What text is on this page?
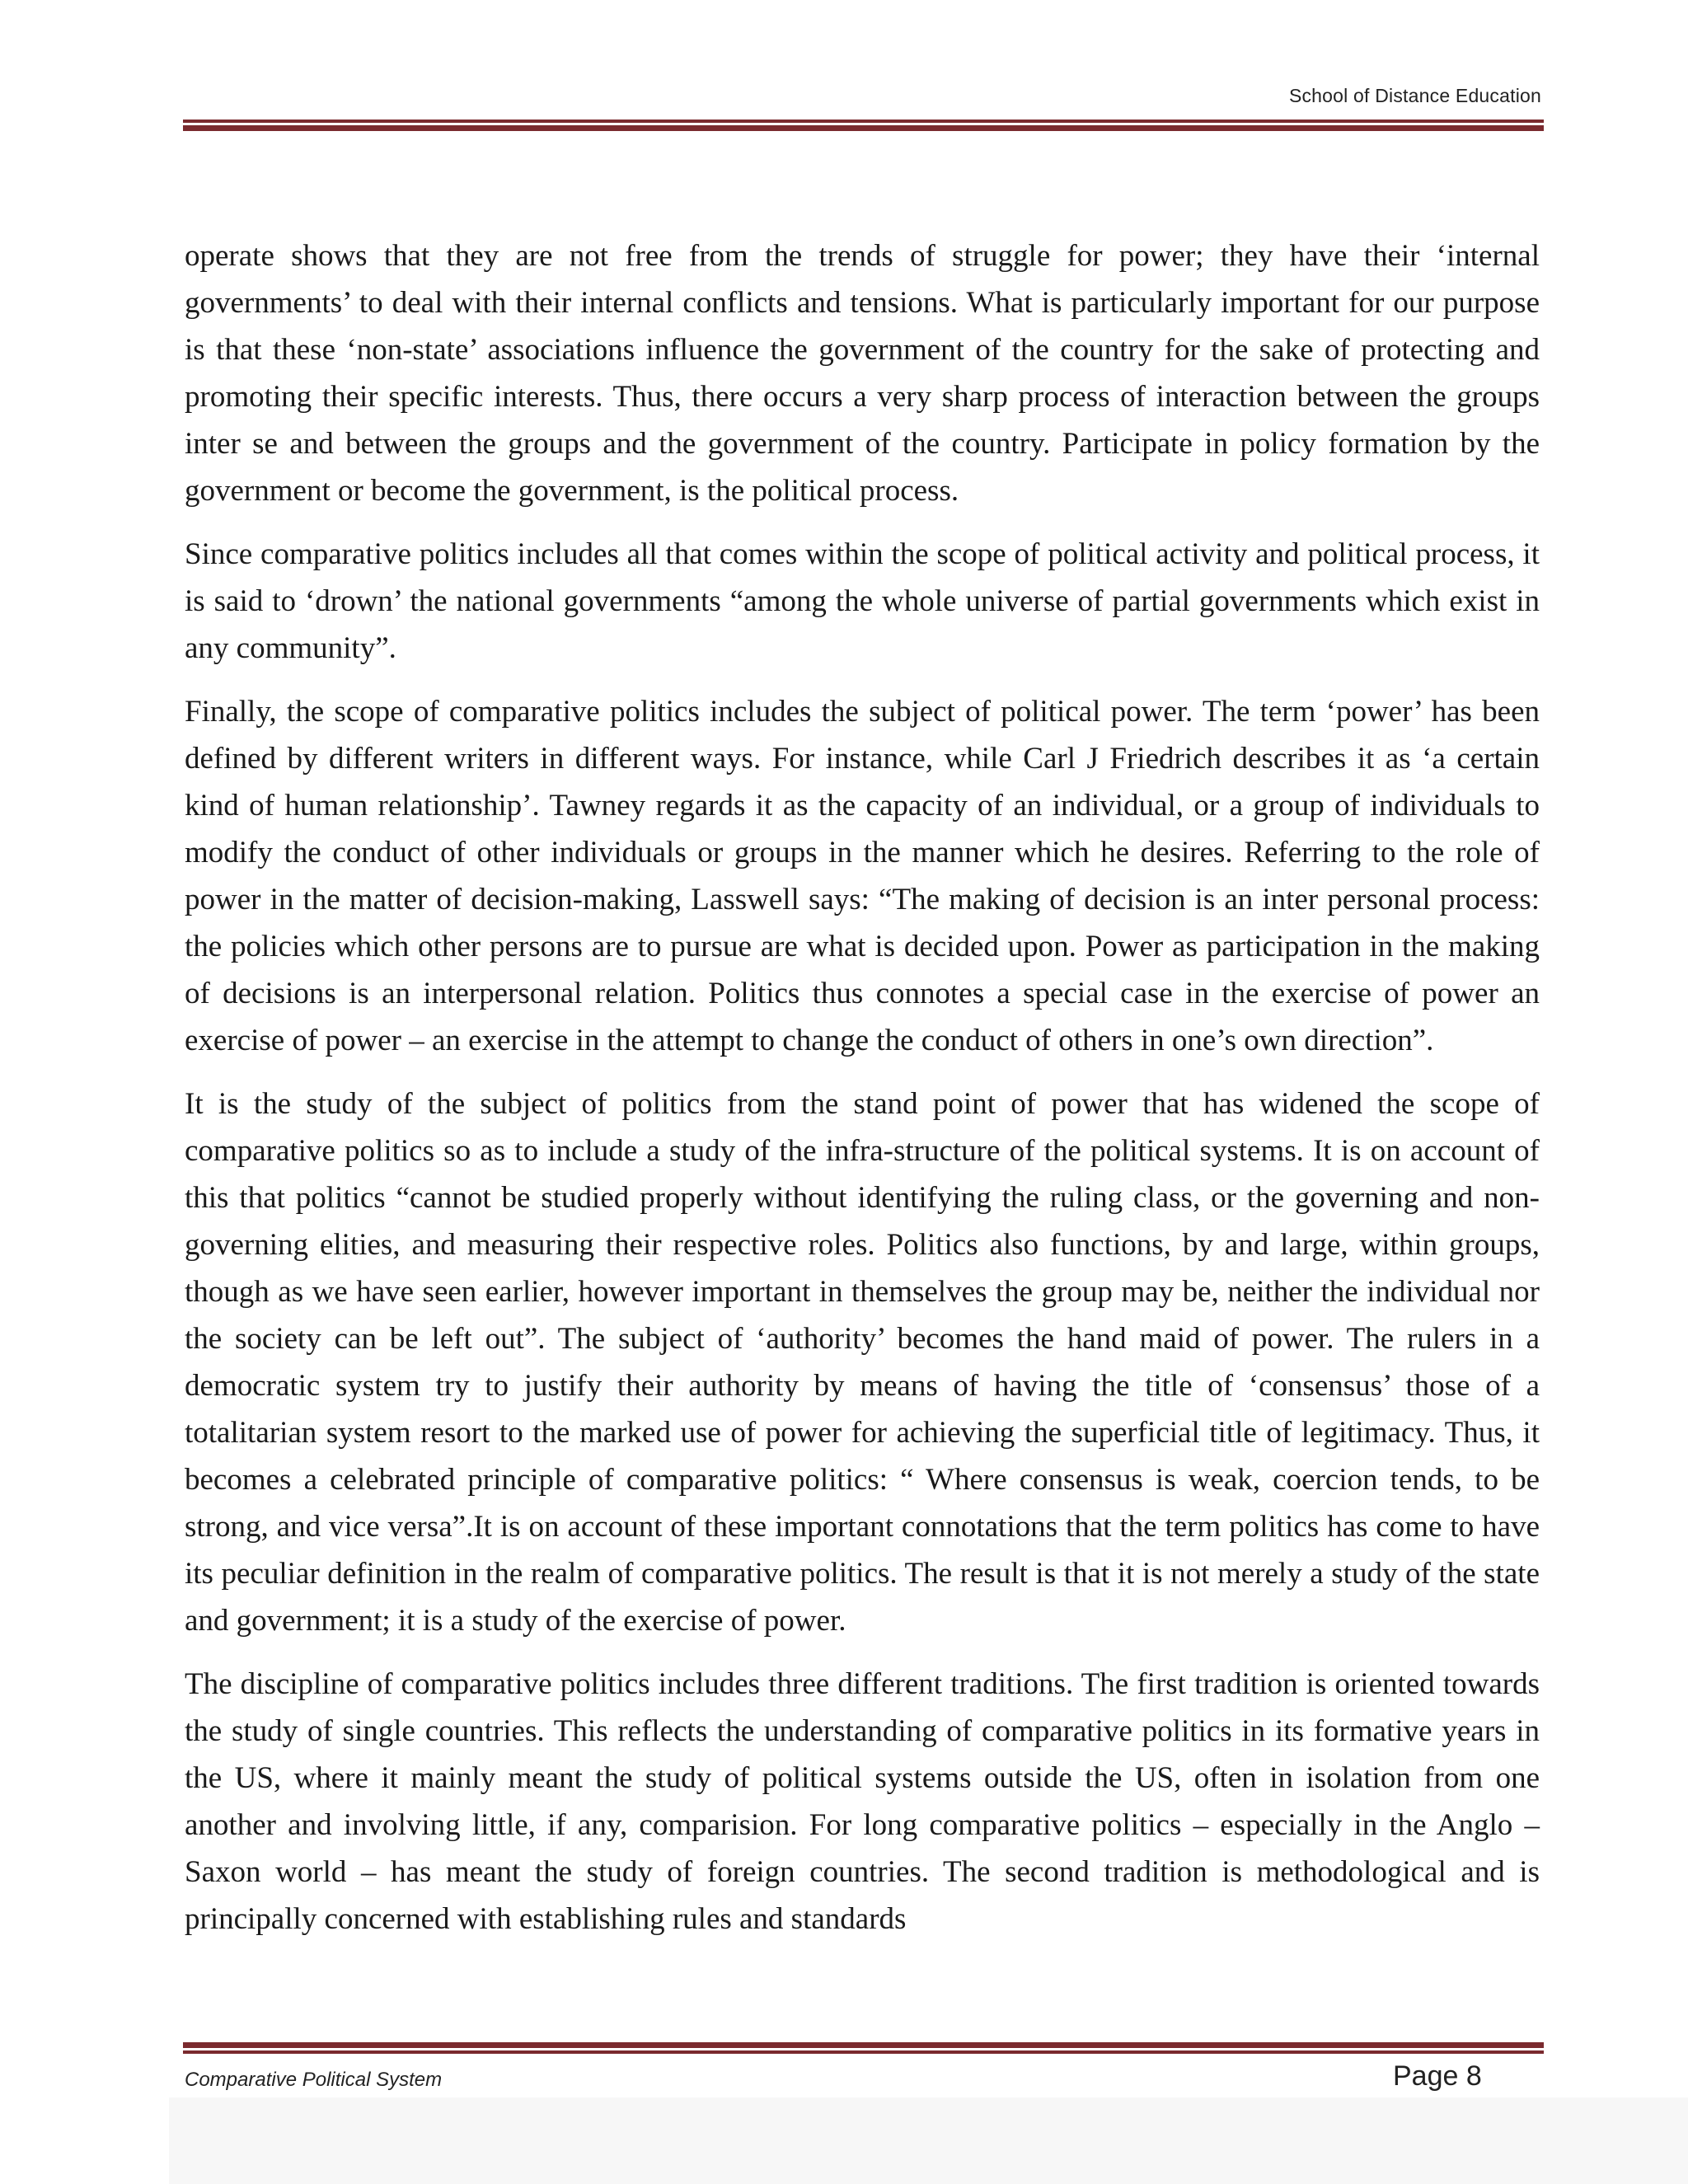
School of Distance Education

operate shows that they are not free from the trends of struggle for power; they have their ‘internal governments’ to deal with their internal conflicts and tensions. What is particularly important for our purpose is that these ‘non-state’ associations influence the government of the country for the sake of protecting and promoting their specific interests. Thus, there occurs a very sharp process of interaction between the groups inter se and between the groups and the government of the country. Participate in policy formation by the government or become the government, is the political process.

Since comparative politics includes all that comes within the scope of political activity and political process, it is said to ‘drown’ the national governments “among the whole universe of partial governments which exist in any community”.

Finally, the scope of comparative politics includes the subject of political power. The term ‘power’ has been defined by different writers in different ways. For instance, while Carl J Friedrich describes it as ‘a certain kind of human relationship’. Tawney regards it as the capacity of an individual, or a group of individuals to modify the conduct of other individuals or groups in the manner which he desires. Referring to the role of power in the matter of decision-making, Lasswell says: “The making of decision is an inter personal process: the policies which other persons are to pursue are what is decided upon. Power as participation in the making of decisions is an interpersonal relation. Politics thus connotes a special case in the exercise of power an exercise of power – an exercise in the attempt to change the conduct of others in one’s own direction”.

It is the study of the subject of politics from the stand point of power that has widened the scope of comparative politics so as to include a study of the infra-structure of the political systems. It is on account of this that politics “cannot be studied properly without identifying the ruling class, or the governing and non-governing elities, and measuring their respective roles. Politics also functions, by and large, within groups, though as we have seen earlier, however important in themselves the group may be, neither the individual nor the society can be left out”. The subject of ‘authority’ becomes the hand maid of power. The rulers in a democratic system try to justify their authority by means of having the title of ‘consensus’ those of a totalitarian system resort to the marked use of power for achieving the superficial title of legitimacy. Thus, it becomes a celebrated principle of comparative politics: “ Where consensus is weak, coercion tends, to be strong, and vice versa”.It is on account of these important connotations that the term politics has come to have its peculiar definition in the realm of comparative politics. The result is that it is not merely a study of the state and government; it is a study of the exercise of power.

The discipline of comparative politics includes three different traditions. The first tradition is oriented towards the study of single countries. This reflects the understanding of comparative politics in its formative years in the US, where it mainly meant the study of political systems outside the US, often in isolation from one another and involving little, if any, comparision. For long comparative politics – especially in the Anglo –Saxon world – has meant the study of foreign countries. The second tradition is methodological and is principally concerned with establishing rules and standards

Comparative Political System	Page 8
